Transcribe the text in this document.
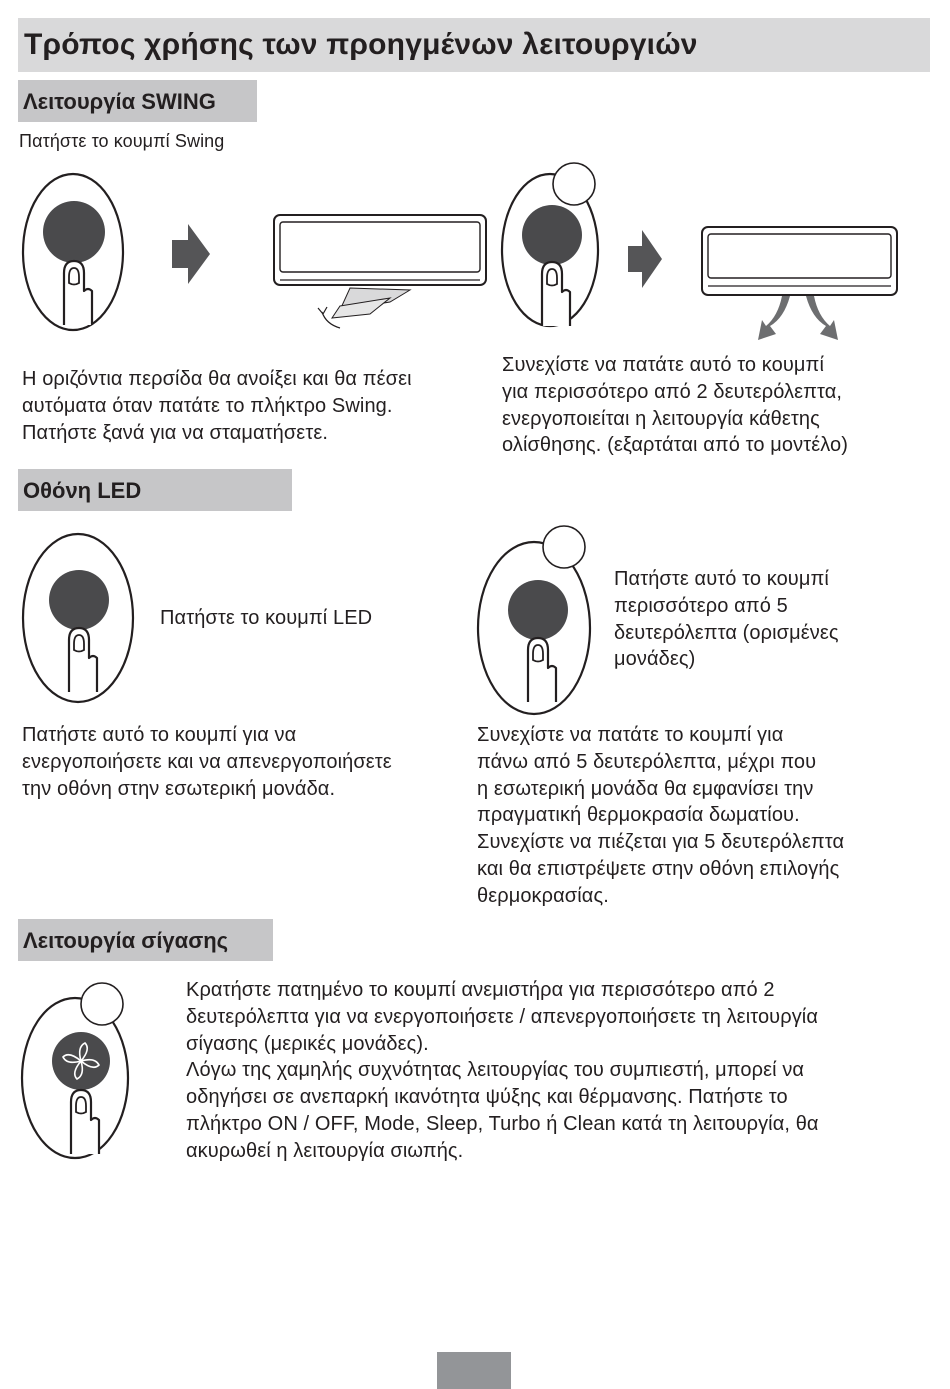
Τρόπος χρήσης των προηγμένων λειτουργιών
Λειτουργία SWING
Πατήστε το κουμπί Swing

Η οριζόντια περσίδα θα ανοίξει και θα πέσει

αυτόματα όταν πατάτε το πλήκτρο Swing.

Πατήστε ξανά για να σταματήσετε.

Συνεχίστε να πατάτε αυτό το κουμπί

για περισσότερο από 2 δευτερόλεπτα,

ενεργοποιείται η λειτουργία κάθετης

ολίσθησης. (εξαρτάται από το μοντέλο)

Οθόνη LED
Πατήστε το κουμπί LED

Πατήστε αυτό το κουμπί

περισσότερο από 5

δευτερόλεπτα (ορισμένες

μονάδες)

Πατήστε αυτό το κουμπί για να

ενεργοποιήσετε και να απενεργοποιήσετε

την οθόνη στην εσωτερική μονάδα.

Συνεχίστε να πατάτε το κουμπί για

πάνω από 5 δευτερόλεπτα, μέχρι που

η εσωτερική μονάδα θα εμφανίσει την

πραγματική θερμοκρασία δωματίου.

Συνεχίστε να πιέζεται για 5 δευτερόλεπτα

και θα επιστρέψετε στην οθόνη επιλογής

θερμοκρασίας.

Λειτουργία σίγασης

Κρατήστε πατημένο το κουμπί ανεμιστήρα για περισσότερο από 2

δευτερόλεπτα για να ενεργοποιήσετε / απενεργοποιήσετε τη λειτουργία

σίγασης (μερικές μονάδες).

Λόγω της χαμηλής συχνότητας λειτουργίας του συμπιεστή, μπορεί να

οδηγήσει σε ανεπαρκή ικανότητα ψύξης και θέρμανσης. Πατήστε το

πλήκτρο ON / OFF, Mode, Sleep, Turbo ή Clean κατά τη λειτουργία, θα

ακυρωθεί η λειτουργία σιωπής.
